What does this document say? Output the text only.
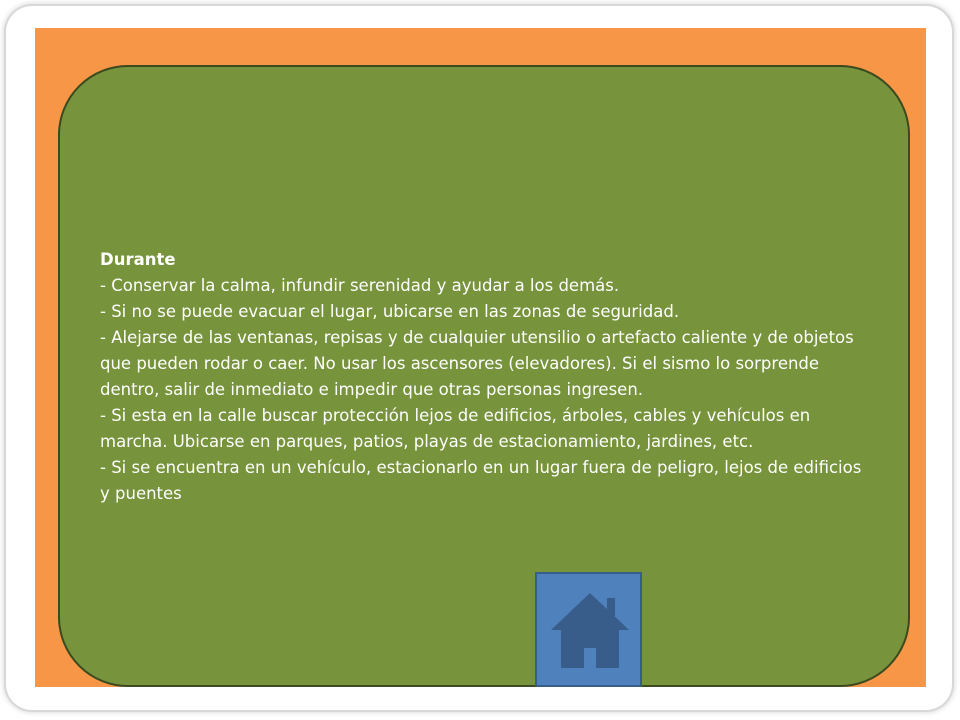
Durante
- Conservar la calma, infundir serenidad y ayudar a los demás.
- Si no se puede evacuar el lugar, ubicarse en las zonas de seguridad.
- Alejarse de las ventanas, repisas y de cualquier utensilio o artefacto caliente y de objetos que pueden rodar o caer. No usar los ascensores (elevadores). Si el sismo lo sorprende dentro, salir de inmediato e impedir que otras personas ingresen.
- Si esta en la calle buscar protección lejos de edificios, árboles, cables y vehículos en marcha. Ubicarse en parques, patios, playas de estacionamiento, jardines, etc.
- Si se encuentra en un vehículo, estacionarlo en un lugar fuera de peligro, lejos de edificios y puentes
